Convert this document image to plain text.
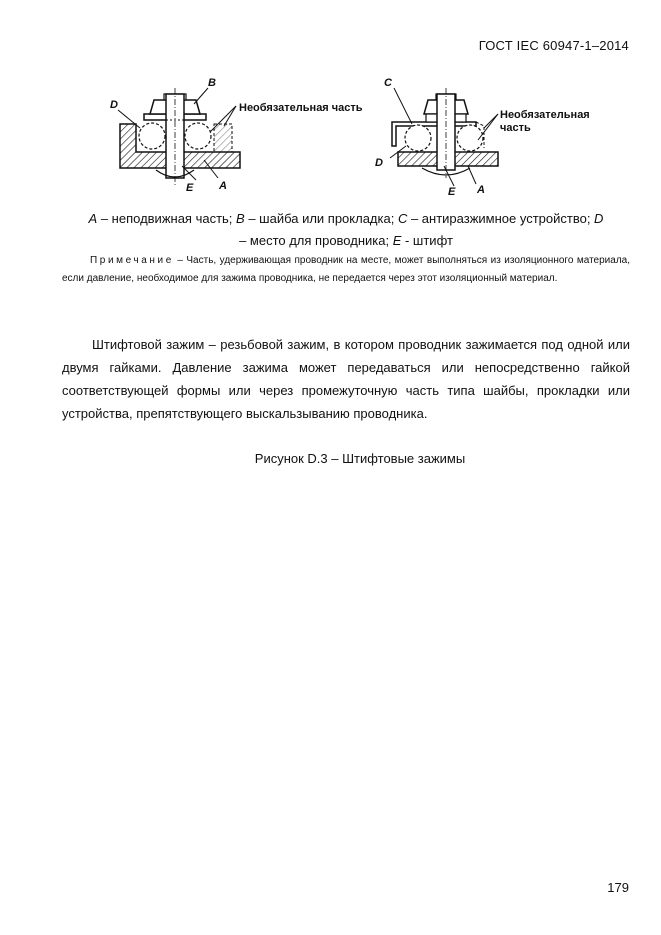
ГОСТ IEC 60947-1–2014
B
D
E A
Необязательная часть
C
D
E A
Необязательная
часть
A – неподвижная часть; B – шайба или прокладка; C – антиразжимное устройство; D
– место для проводника; E - штифт
Примечание – Часть, удерживающая проводник на месте, может выполняться из изоляционного материала, если давление, необходимое для зажима проводника, не передается через этот изоляционный материал.
Штифтовой зажим – резьбовой зажим, в котором проводник зажимается под одной или двумя гайками. Давление зажима может передаваться или непосредственно гайкой соответствующей формы или через промежуточную часть типа шайбы, прокладки или устройства, препятствующего выскальзыванию проводника.
Рисунок D.3 – Штифтовые зажимы
179
